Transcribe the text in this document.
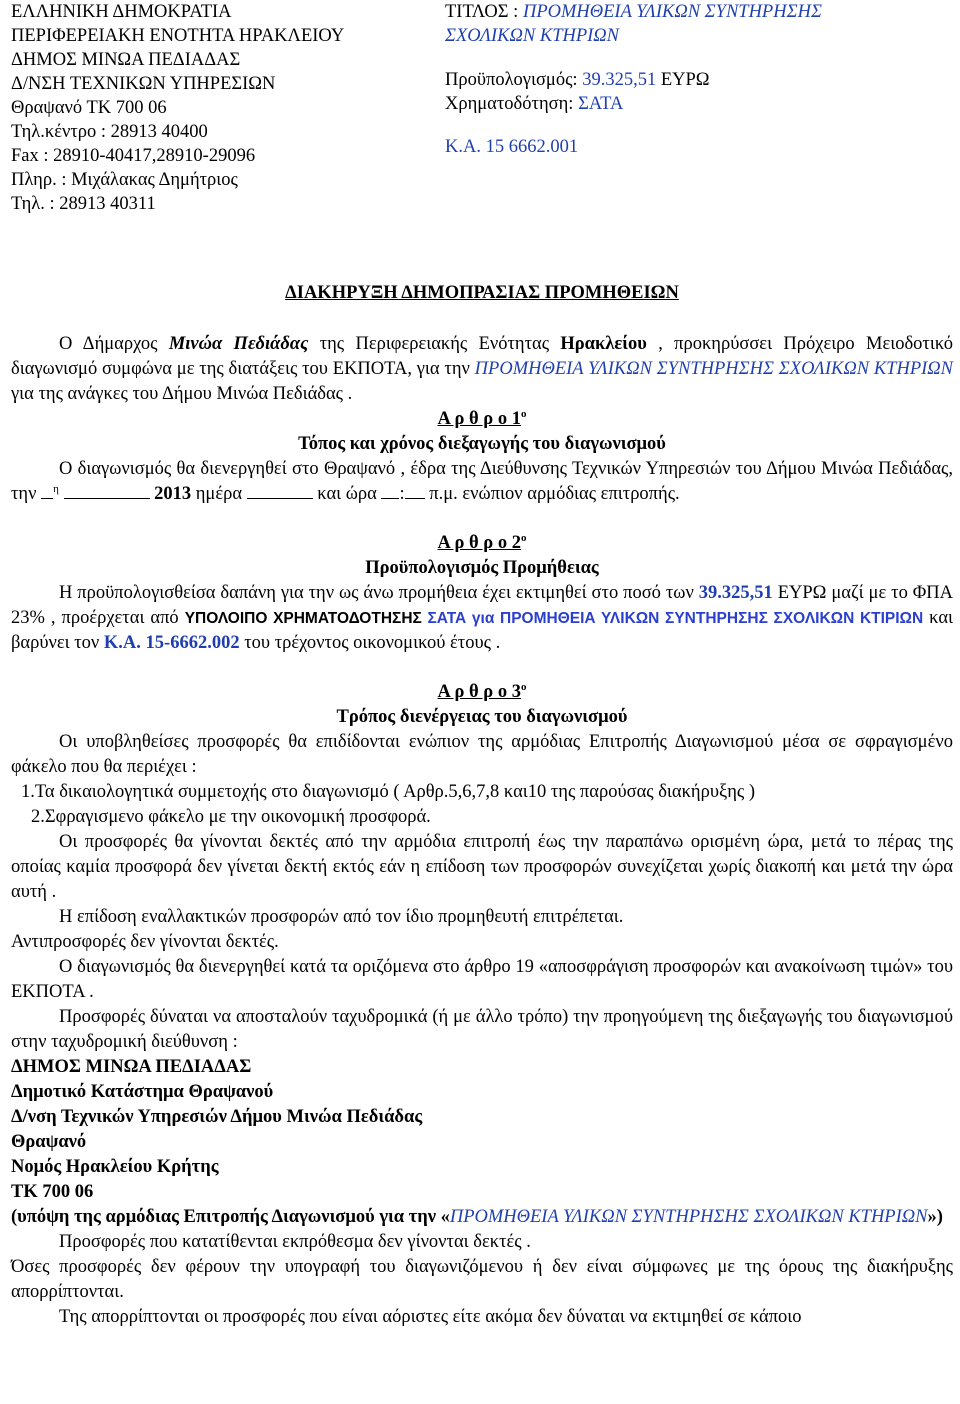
ΕΛΛΗΝΙΚΗ ΔΗΜΟΚΡΑΤΙΑ
ΠΕΡΙΦΕΡΕΙΑΚΗ ΕΝΟΤΗΤΑ ΗΡΑΚΛΕΙΟΥ
ΔΗΜΟΣ ΜΙΝΩΑ ΠΕΔΙΑΔΑΣ
Δ/ΝΣΗ ΤΕΧΝΙΚΩΝ ΥΠΗΡΕΣΙΩΝ
Θραψανό ΤΚ 700 06
Τηλ.κέντρο : 28913 40400
Fax : 28910-40417,28910-29096
Πληρ. : Μιχάλακας Δημήτριος
Τηλ. : 28913 40311
ΤΙΤΛΟΣ : ΠΡΟΜΗΘΕΙΑ ΥΛΙΚΩΝ ΣΥΝΤΗΡΗΣΗΣ
ΣΧΟΛΙΚΩΝ ΚΤΗΡΙΩΝ
Προϋπολογισμός: 39.325,51 ΕΥΡΩ
Χρηματοδότηση: ΣΑΤΑ
Κ.Α. 15 6662.001

ΔΙΑΚΗΡΥΞΗ ΔΗΜΟΠΡΑΣΙΑΣ ΠΡΟΜΗΘΕΙΩΝ

Ο Δήμαρχος Μινώα Πεδιάδας της Περιφερειακής Ενότητας Ηρακλείου , προκηρύσσει Πρόχειρο Μειοδοτικό διαγωνισμό συμφώνα με της διατάξεις του ΕΚΠΟΤΑ, για την ΠΡΟΜΗΘΕΙΑ ΥΛΙΚΩΝ ΣΥΝΤΗΡΗΣΗΣ ΣΧΟΛΙΚΩΝ ΚΤΗΡΙΩΝ για της ανάγκες του Δήμου Μινώα Πεδιάδας .

Α ρ θ ρ ο $1^o$

Τόπος και χρόνος διεξαγωγής του διαγωνισμού

Ο διαγωνισμός θα διενεργηθεί στο Θραψανό , έδρα της Διεύθυνσης Τεχνικών Υπηρεσιών του Δήμου Μινώα Πεδιάδας, την $^\eta$	2013 ημέρα	και ώρα : π.μ. ενώπιον αρμόδιας επιτροπής.

Α ρ θ ρ ο $2^o$

Προϋπολογισμός Προμήθειας

Η προϋπολογισθείσα δαπάνη για την ως άνω προμήθεια έχει εκτιμηθεί στο ποσό των 39.325,51 ΕΥΡΩ μαζί με το ΦΠΑ 23% , προέρχεται από ΥΠΟΛΟΙΠΟ ΧΡΗΜΑΤΟΔΟΤΗΣΗΣ ΣΑΤΑ για ΠΡΟΜΗΘΕΙΑ ΥΛΙΚΩΝ ΣΥΝΤΗΡΗΣΗΣ ΣΧΟΛΙΚΩΝ ΚΤΙΡΙΩΝ και βαρύνει τον Κ.Α. 15-6662.002 του τρέχοντος οικονομικού έτους .

Α ρ θ ρ ο $3^o$

Τρόπος διενέργειας του διαγωνισμού

Οι υποβληθείσες προσφορές θα επιδίδονται ενώπιον της αρμόδιας Επιτροπής Διαγωνισμού μέσα σε σφραγισμένο φάκελο που θα περιέχει :

1.Τα δικαιολογητικά συμμετοχής στο διαγωνισμό ( Αρθρ.5,6,7,8 και10 της παρούσας διακήρυξης )

2.Σφραγισμενο φάκελο με την οικονομική προσφορά.

Οι προσφορές θα γίνονται δεκτές από την αρμόδια επιτροπή έως την παραπάνω ορισμένη ώρα, μετά το πέρας της οποίας καμία προσφορά δεν γίνεται δεκτή εκτός εάν η επίδοση των προσφορών συνεχίζεται χωρίς διακοπή και μετά την ώρα αυτή .

Η επίδοση εναλλακτικών προσφορών από τον ίδιο προμηθευτή επιτρέπεται.

Αντιπροσφορές δεν γίνονται δεκτές.

Ο διαγωνισμός θα διενεργηθεί κατά τα οριζόμενα στο άρθρο 19 «αποσφράγιση προσφορών και ανακοίνωση τιμών» του ΕΚΠΟΤΑ .

Προσφορές δύναται να αποσταλούν ταχυδρομικά (ή με άλλο τρόπο) την προηγούμενη της διεξαγωγής του διαγωνισμού στην ταχυδρομική διεύθυνση :

ΔΗΜΟΣ ΜΙΝΩΑ ΠΕΔΙΑΔΑΣ

Δημοτικό Κατάστημα Θραψανού

Δ/νση Τεχνικών Υπηρεσιών Δήμου Μινώα Πεδιάδας

Θραψανό

Νομός Ηρακλείου Κρήτης

ΤΚ 700 06

(υπόψη της αρμόδιας Επιτροπής Διαγωνισμού για την «ΠΡΟΜΗΘΕΙΑ ΥΛΙΚΩΝ ΣΥΝΤΗΡΗΣΗΣ ΣΧΟΛΙΚΩΝ ΚΤΗΡΙΩΝ»)

Προσφορές που κατατίθενται εκπρόθεσμα δεν γίνονται δεκτές .

Όσες προσφορές δεν φέρουν την υπογραφή του διαγωνιζόμενου ή δεν είναι σύμφωνες με της όρους της διακήρυξης απορρίπτονται.

Της απορρίπτονται οι προσφορές που είναι αόριστες είτε ακόμα δεν δύναται να εκτιμηθεί σε κάποιο
